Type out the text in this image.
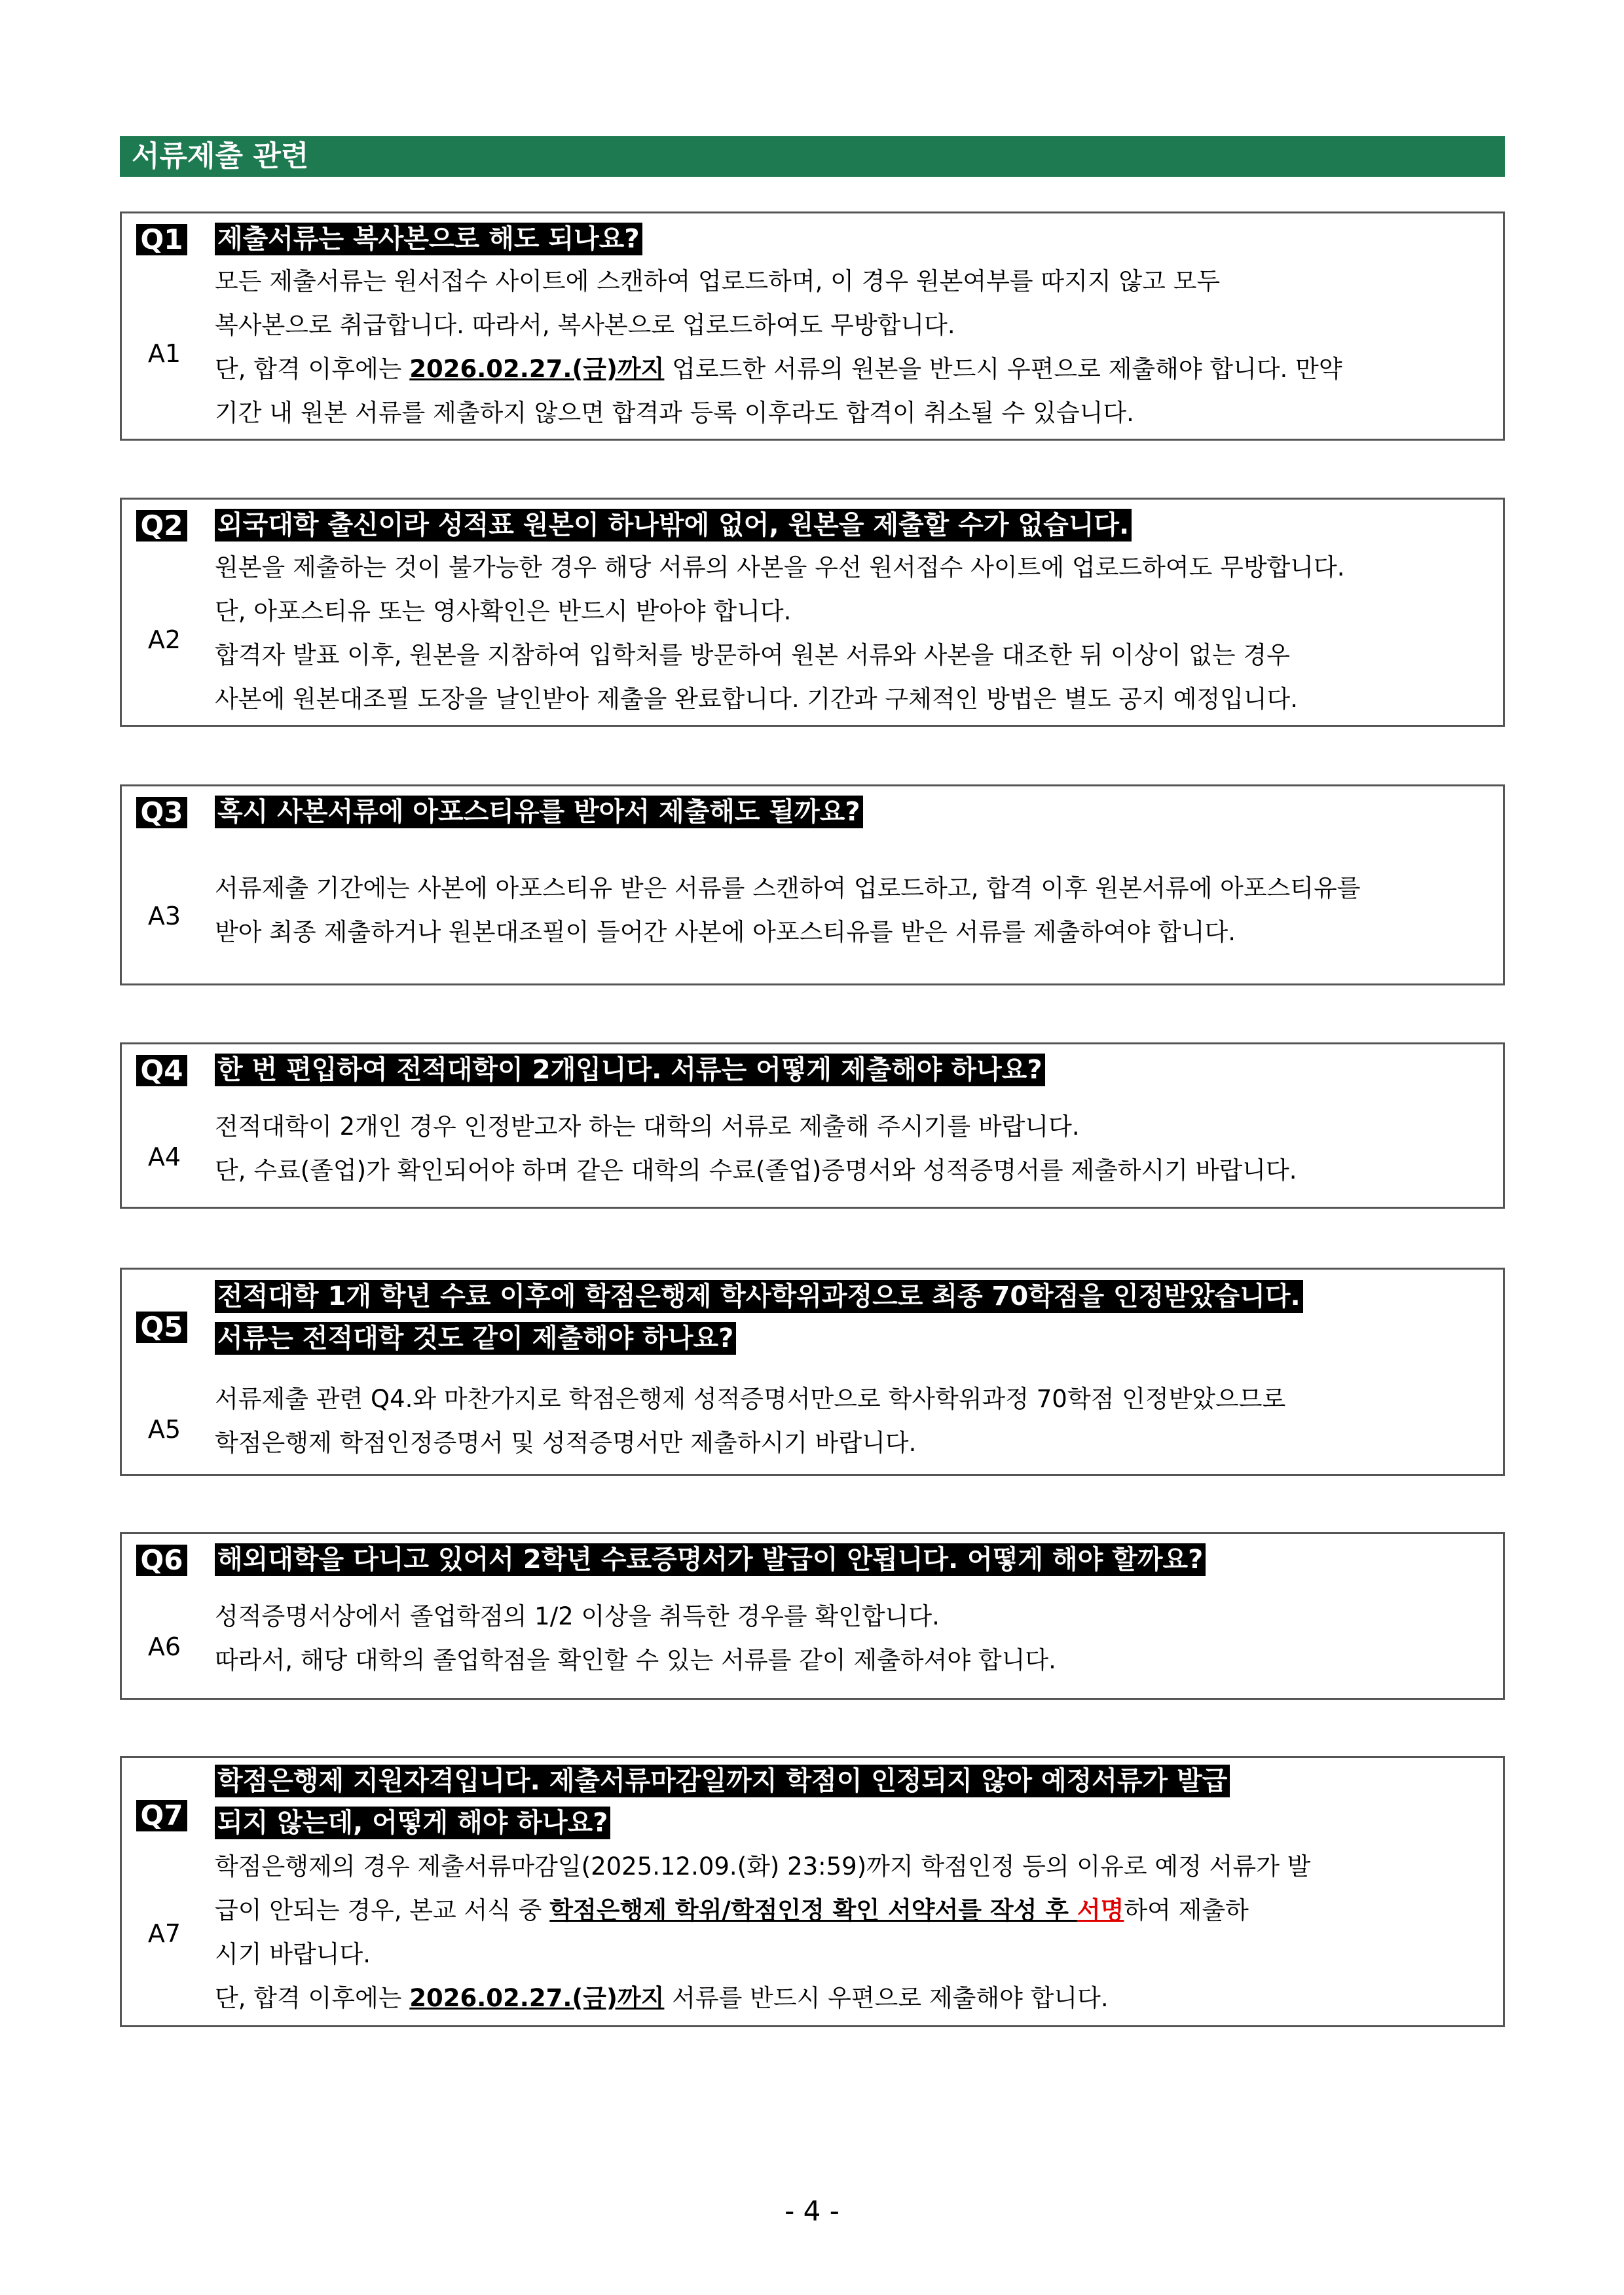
서류제출 관련
Q1 제출서류는 복사본으로 해도 되나요?
A1
모든 제출서류는 원서접수 사이트에 스캔하여 업로드하며, 이 경우 원본여부를 따지지 않고 모두
복사본으로 취급합니다. 따라서, 복사본으로 업로드하여도 무방합니다.
단, 합격 이후에는 2026.02.27.(금)까지 업로드한 서류의 원본을 반드시 우편으로 제출해야 합니다. 만약
기간 내 원본 서류를 제출하지 않으면 합격과 등록 이후라도 합격이 취소될 수 있습니다.
Q2 외국대학 출신이라 성적표 원본이 하나밖에 없어, 원본을 제출할 수가 없습니다.
A2
원본을 제출하는 것이 불가능한 경우 해당 서류의 사본을 우선 원서접수 사이트에 업로드하여도 무방합니다.
단, 아포스티유 또는 영사확인은 반드시 받아야 합니다.
합격자 발표 이후, 원본을 지참하여 입학처를 방문하여 원본 서류와 사본을 대조한 뒤 이상이 없는 경우
사본에 원본대조필 도장을 날인받아 제출을 완료합니다. 기간과 구체적인 방법은 별도 공지 예정입니다.
Q3 혹시 사본서류에 아포스티유를 받아서 제출해도 될까요?
A3
서류제출 기간에는 사본에 아포스티유 받은 서류를 스캔하여 업로드하고, 합격 이후 원본서류에 아포스티유를
받아 최종 제출하거나 원본대조필이 들어간 사본에 아포스티유를 받은 서류를 제출하여야 합니다.
Q4 한 번 편입하여 전적대학이 2개입니다. 서류는 어떻게 제출해야 하나요?
A4
전적대학이 2개인 경우 인정받고자 하는 대학의 서류로 제출해 주시기를 바랍니다.
단, 수료(졸업)가 확인되어야 하며 같은 대학의 수료(졸업)증명서와 성적증명서를 제출하시기 바랍니다.
Q5
전적대학 1개 학년 수료 이후에 학점은행제 학사학위과정으로 최종 70학점을 인정받았습니다.
서류는 전적대학 것도 같이 제출해야 하나요?
A5
서류제출 관련 Q4.와 마찬가지로 학점은행제 성적증명서만으로 학사학위과정 70학점 인정받았으므로
학점은행제 학점인정증명서 및 성적증명서만 제출하시기 바랍니다.
Q6 해외대학을 다니고 있어서 2학년 수료증명서가 발급이 안됩니다. 어떻게 해야 할까요?
A6
성적증명서상에서 졸업학점의 1/2 이상을 취득한 경우를 확인합니다.
따라서, 해당 대학의 졸업학점을 확인할 수 있는 서류를 같이 제출하셔야 합니다.
Q7
학점은행제 지원자격입니다. 제출서류마감일까지 학점이 인정되지 않아 예정서류가 발급
되지 않는데, 어떻게 해야 하나요?
A7
학점은행제의 경우 제출서류마감일(2025.12.09.(화) 23:59)까지 학점인정 등의 이유로 예정 서류가 발
급이 안되는 경우, 본교 서식 중 학점은행제 학위/학점인정 확인 서약서를 작성 후 서명하여 제출하
시기 바랍니다.
단, 합격 이후에는 2026.02.27.(금)까지 서류를 반드시 우편으로 제출해야 합니다.
- 4 -
